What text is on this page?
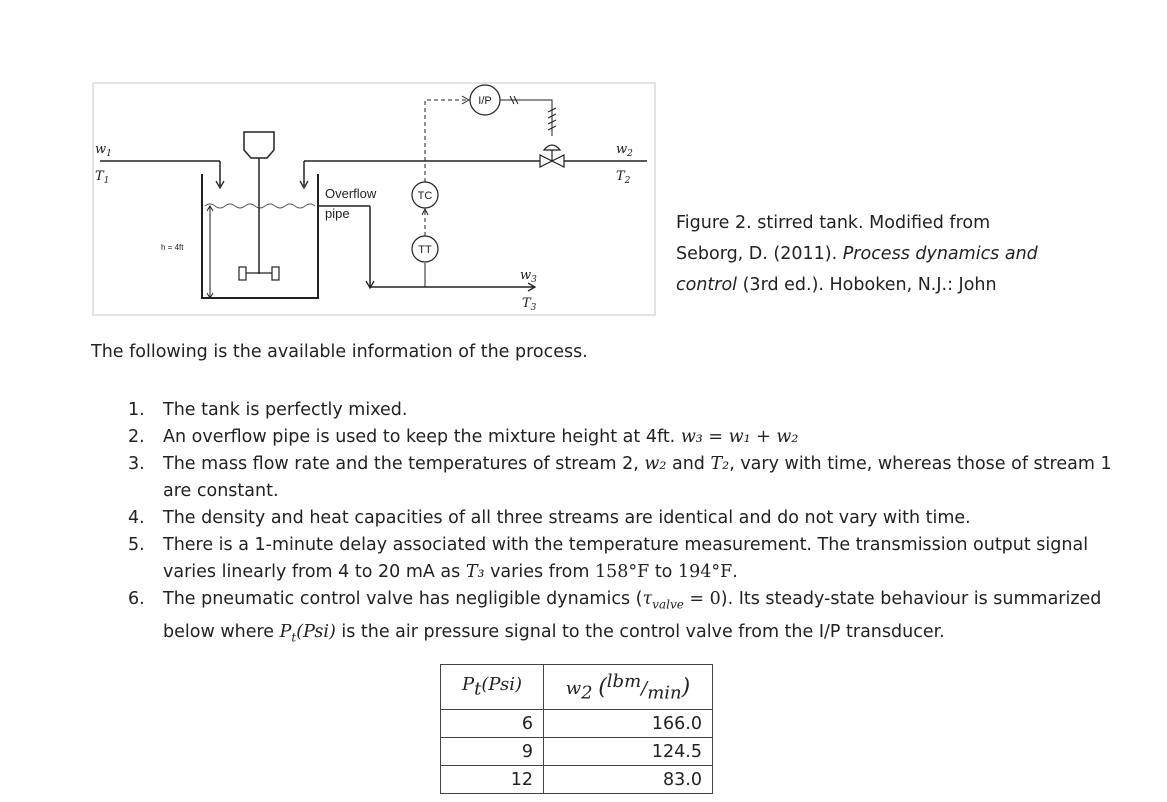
h = 4ft
Overflow
pipe
TT
TC
I/P
$w_1$
$T_1$
$w_2$
$T_2$
$w_3$
$T_3$
Figure 2. stirred tank. Modified from Seborg, D. (2011). Process dynamics and control (3rd ed.). Hoboken, N.J.: John
The following is the available information of the process.
1. The tank is perfectly mixed.
2. An overflow pipe is used to keep the mixture height at 4ft. w₃ = w₁ + w₂
3. The mass flow rate and the temperatures of stream 2, w₂ and T₂, vary with time, whereas those of stream 1 are constant.
4. The density and heat capacities of all three streams are identical and do not vary with time.
5. There is a 1-minute delay associated with the temperature measurement. The transmission output signal varies linearly from 4 to 20 mA as T₃ varies from 158°F to 194°F.
6. The pneumatic control valve has negligible dynamics $(\tau_{valve} = 0)$. Its steady-state behaviour is summarized below where $P_t(Psi)$ is the air pressure signal to the control valve from the I/P transducer.
$P_t(Psi)$	$w_2$ $(^{lbm}/_{min})$
6	166.0
9	124.5
12	83.0
